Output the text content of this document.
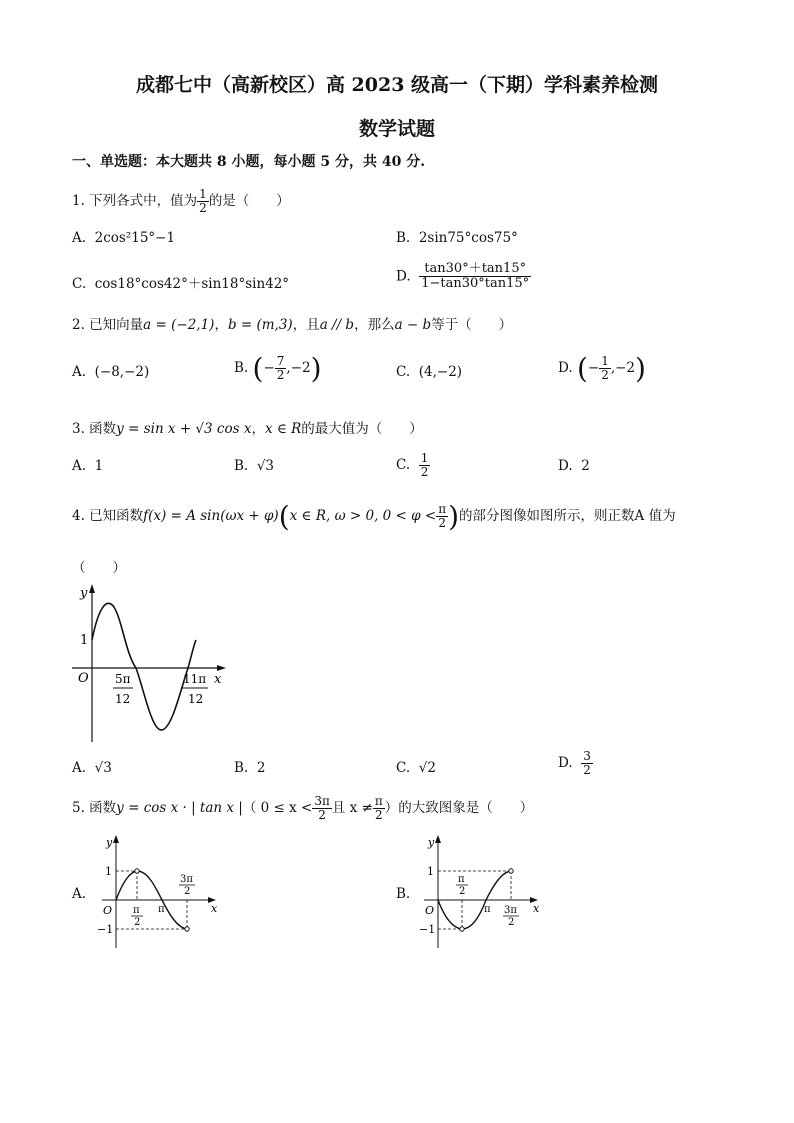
成都七中（高新校区）高 2023 级高一（下期）学科素养检测
数学试题
一、单选题：本大题共 8 小题，每小题 5 分，共 40 分.
1. 下列各式中，值为 $\frac{1}{2}$ 的是（　　）
A. 2cos²15°−1	B. 2sin75°cos75°
C. cos18°cos42°＋sin18°sin42°	D. $\frac{\tan 30^\circ+\tan 15^\circ}{1-\tan 30^\circ\tan 15^\circ}$
2. 已知向量a = (−2,1)，b = (m,3)，且a // b，那么a − b等于（　　）
A. (−8,−2)	B. (− $\frac{7}{2} ,-2$)	C. (4,−2)	D. (− $\frac{1}{2} ,-2$)
3. 函数y = sin x + √3 cos x，x ∈ R的最大值为（　　）
A. 1	B. √3	C. $\frac{1}{2}$	D. 2
4. 已知函数f(x) = A sin(ωx + φ)(x ∈ R, ω > 0, $0 < \varphi < \frac{\pi}{2}$ )的部分图像如图所示，则正数A 值为
（　　）
y
x
O
1
5π
12
11π
12
A. √3	B. 2	C. √2	D. $\frac{3}{2}$
5. 函数y = cos x · | tan x |（ $0 \le x < \frac{3\pi}{2}$ 且 $x \ne \frac{\pi}{2}$ ）的大致图象是（　　）
A.
y
x
O
1
−1
π
2
π
3π
2	B.
y
x
O
1
−1
π
2
π 3π
2
